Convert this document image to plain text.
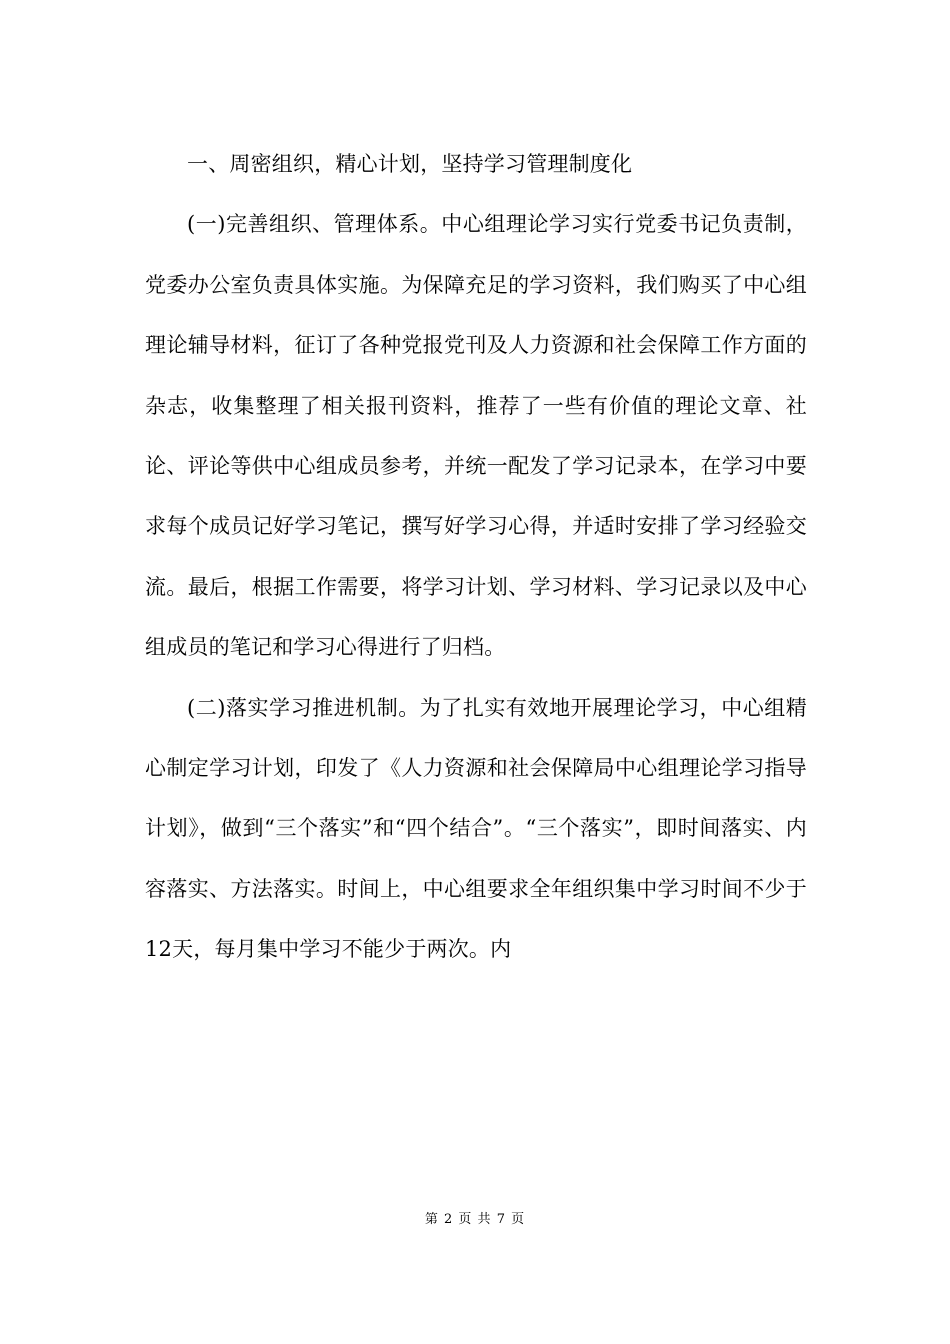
一、周密组织，精心计划，坚持学习管理制度化

(一)完善组织、管理体系。中心组理论学习实行党委书记负责制，党委办公室负责具体实施。为保障充足的学习资料，我们购买了中心组理论辅导材料，征订了各种党报党刊及人力资源和社会保障工作方面的杂志，收集整理了相关报刊资料，推荐了一些有价值的理论文章、社论、评论等供中心组成员参考，并统一配发了学习记录本，在学习中要求每个成员记好学习笔记，撰写好学习心得，并适时安排了学习经验交流。最后，根据工作需要，将学习计划、学习材料、学习记录以及中心组成员的笔记和学习心得进行了归档。

(二)落实学习推进机制。为了扎实有效地开展理论学习，中心组精心制定学习计划，印发了《人力资源和社会保障局中心组理论学习指导计划》，做到“三个落实”和“四个结合”。“三个落实”，即时间落实、内容落实、方法落实。时间上，中心组要求全年组织集中学习时间不少于12天，每月集中学习不能少于两次。内

第 2 页 共 7 页
